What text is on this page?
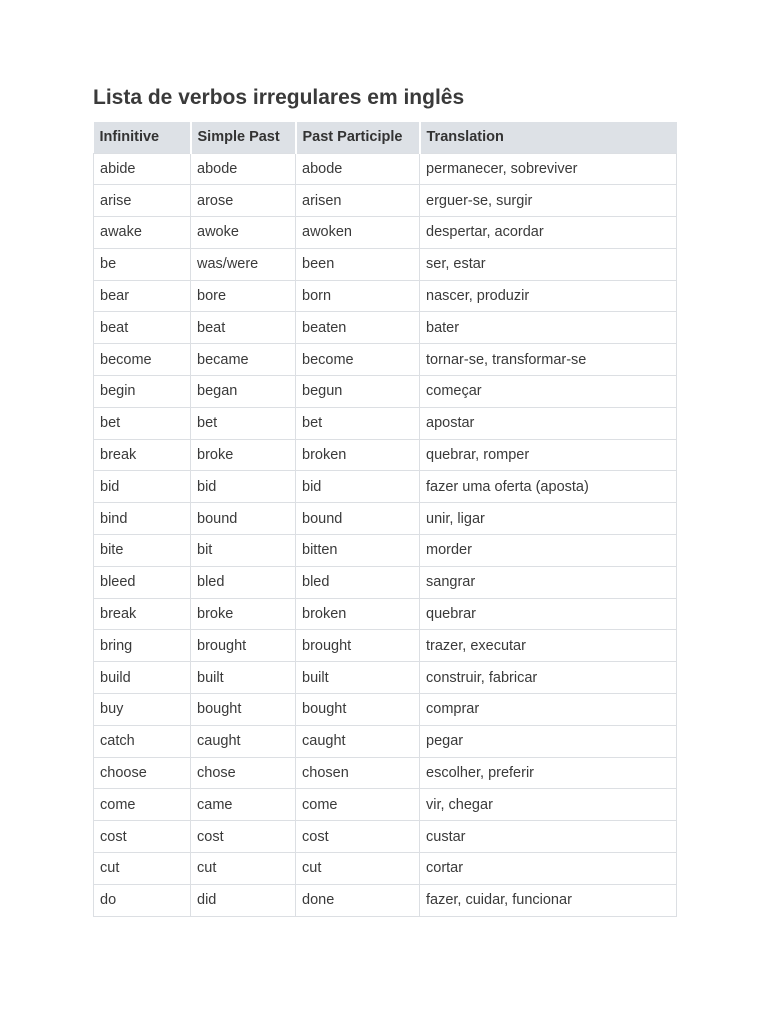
Lista de verbos irregulares em inglês
Infinitive	Simple Past	Past Participle	Translation
abide	abode	abode	permanecer, sobreviver
arise	arose	arisen	erguer-se, surgir
awake	awoke	awoken	despertar, acordar
be	was/were	been	ser, estar
bear	bore	born	nascer, produzir
beat	beat	beaten	bater
become	became	become	tornar-se, transformar-se
begin	began	begun	começar
bet	bet	bet	apostar
break	broke	broken	quebrar, romper
bid	bid	bid	fazer uma oferta (aposta)
bind	bound	bound	unir, ligar
bite	bit	bitten	morder
bleed	bled	bled	sangrar
break	broke	broken	quebrar
bring	brought	brought	trazer, executar
build	built	built	construir, fabricar
buy	bought	bought	comprar
catch	caught	caught	pegar
choose	chose	chosen	escolher, preferir
come	came	come	vir, chegar
cost	cost	cost	custar
cut	cut	cut	cortar
do	did	done	fazer, cuidar, funcionar
